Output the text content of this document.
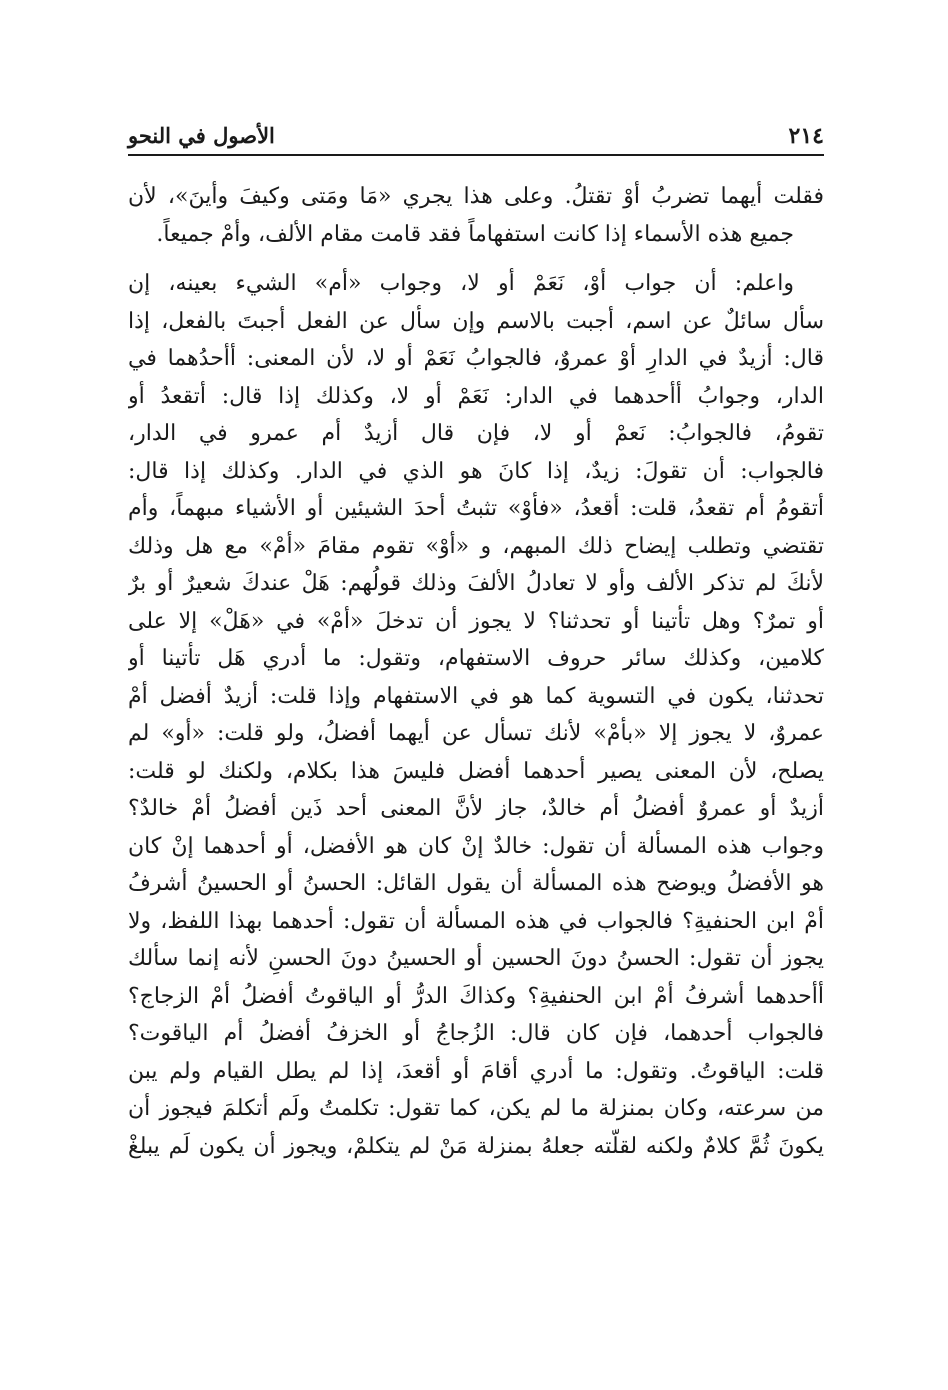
٢١٤
الأصول في النحو
فقلت أيهما تضربُ أوْ تقتلُ. وعلى هذا يجري «مَا ومَتى وكيفَ وأينَ»، لأن
جميع هذه الأسماء إذا كانت استفهاماً فقد قامت مقام الألف، وأمْ جميعاً.
واعلم: أن جواب أوْ، نَعَمْ أو لا، وجواب «أم» الشيء بعينه، إن
سأل سائلٌ عن اسم، أجبت بالاسم وإن سأل عن الفعل أجبتَ بالفعل، إذا
قال: أزيدٌ في الدارِ أوْ عمروٌ، فالجوابُ نَعَمْ أو لا، لأن المعنى: أأحدُهما في
الدار، وجوابُ أأحدهما في الدار: نَعَمْ أو لا، وكذلك إذا قال: أتقعدُ أو
تقومُ، فالجوابُ: نَعمْ أو لا، فإن قال أزيدٌ أم عمرو في الدار،
فالجواب: أن تقولَ: زيدٌ، إذا كانَ هو الذي في الدار. وكذلك إذا قال:
أتقومُ أم تقعدُ، قلت: أقعدُ، «فأوْ» تثبتُ أحدَ الشيئين أو الأشياء مبهماً، وأم
تقتضي وتطلب إيضاح ذلك المبهم، و «أوْ» تقوم مقامَ «أمْ» مع هل وذلك
لأنكَ لم تذكر الألف وأو لا تعادلُ الألفَ وذلك قولُهم: هَلْ عندكَ شعيرٌ أو برٌ
أو تمرٌ؟ وهل تأتينا أو تحدثنا؟ لا يجوز أن تدخلَ «أمْ» في «هَلْ» إلا على
كلامين، وكذلك سائر حروف الاستفهام، وتقول: ما أدري هَل تأتينا أو
تحدثنا، يكون في التسوية كما هو في الاستفهام وإذا قلت: أزيدٌ أفضل أمْ
عمروٌ، لا يجوز إلا «بأمْ» لأنك تسأل عن أيهما أفضلُ، ولو قلت: «أو» لم
يصلح، لأن المعنى يصير أحدهما أفضل فليسَ هذا بكلام، ولكنك لو قلت:
أزيدٌ أو عمروٌ أفضلُ أم خالدٌ، جاز لأنَّ المعنى أحد ذَين أفضلُ أمْ خالدٌ؟
وجواب هذه المسألة أن تقول: خالدٌ إنْ كان هو الأفضل، أو أحدهما إنْ كان
هو الأفضلُ ويوضح هذه المسألة أن يقول القائل: الحسنُ أو الحسينُ أشرفُ
أمْ ابن الحنفيةِ؟ فالجواب في هذه المسألة أن تقول: أحدهما بهذا اللفظ، ولا
يجوز أن تقول: الحسنُ دونَ الحسين أو الحسينُ دونَ الحسنِ لأنه إنما سألك
أأحدهما أشرفُ أمْ ابن الحنفيةِ؟ وكذاكَ الدرُّ أو الياقوتُ أفضلُ أمْ الزجاج؟
فالجواب أحدهما، فإن كان قال: الزُجاجُ أو الخزفُ أفضلُ أم الياقوت؟
قلت: الياقوتُ. وتقول: ما أدري أقامَ أو أقعدَ، إذا لم يطل القيام ولم يبن
من سرعته، وكان بمنزلة ما لم يكن، كما تقول: تكلمتُ ولَم أتكلمَ فيجوز أن
يكونَ ثُمَّ كلامٌ ولكنه لقلّته جعلهُ بمنزلة مَنْ لم يتكلمْ، ويجوز أن يكون لَم يبلغْ
